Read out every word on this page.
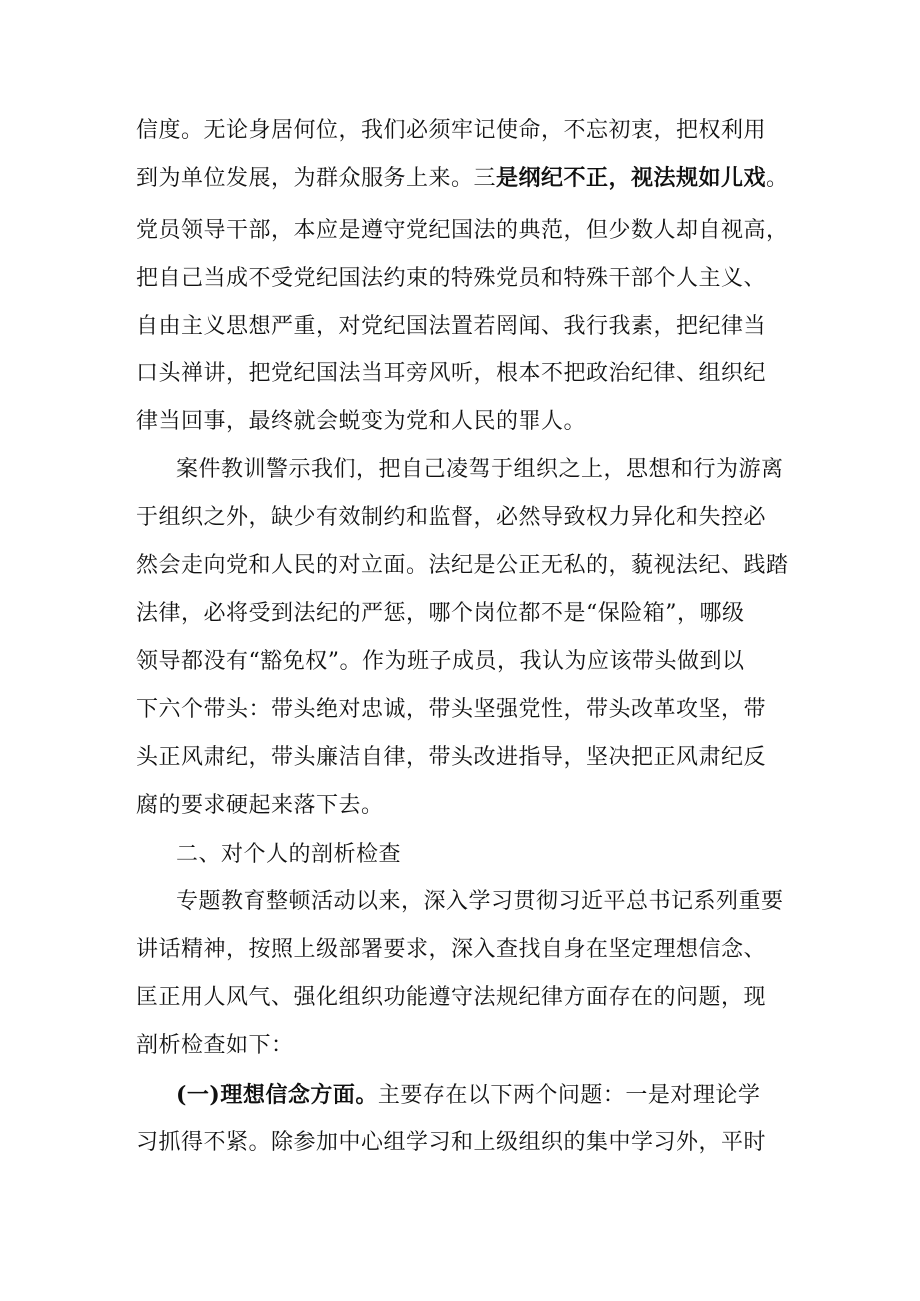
信度。无论身居何位，我们必须牢记使命，不忘初衷，把权利用
到为单位发展，为群众服务上来。三是纲纪不正，视法规如儿戏。
党员领导干部，本应是遵守党纪国法的典范，但少数人却自视高，
把自己当成不受党纪国法约束的特殊党员和特殊干部个人主义、
自由主义思想严重，对党纪国法置若罔闻、我行我素，把纪律当
口头禅讲，把党纪国法当耳旁风听，根本不把政治纪律、组织纪
律当回事，最终就会蜕变为党和人民的罪人。
案件教训警示我们，把自己凌驾于组织之上，思想和行为游离
于组织之外，缺少有效制约和监督，必然导致权力异化和失控必
然会走向党和人民的对立面。法纪是公正无私的，藐视法纪、践踏
法律，必将受到法纪的严惩，哪个岗位都不是“保险箱”，哪级
领导都没有“豁免权”。作为班子成员，我认为应该带头做到以
下六个带头：带头绝对忠诚，带头坚强党性，带头改革攻坚，带
头正风肃纪，带头廉洁自律，带头改进指导，坚决把正风肃纪反
腐的要求硬起来落下去。
二、对个人的剖析检查
专题教育整顿活动以来，深入学习贯彻习近平总书记系列重要
讲话精神，按照上级部署要求，深入查找自身在坚定理想信念、
匡正用人风气、强化组织功能遵守法规纪律方面存在的问题，现
剖析检查如下：
(一)理想信念方面。主要存在以下两个问题：一是对理论学
习抓得不紧。除参加中心组学习和上级组织的集中学习外，平时
